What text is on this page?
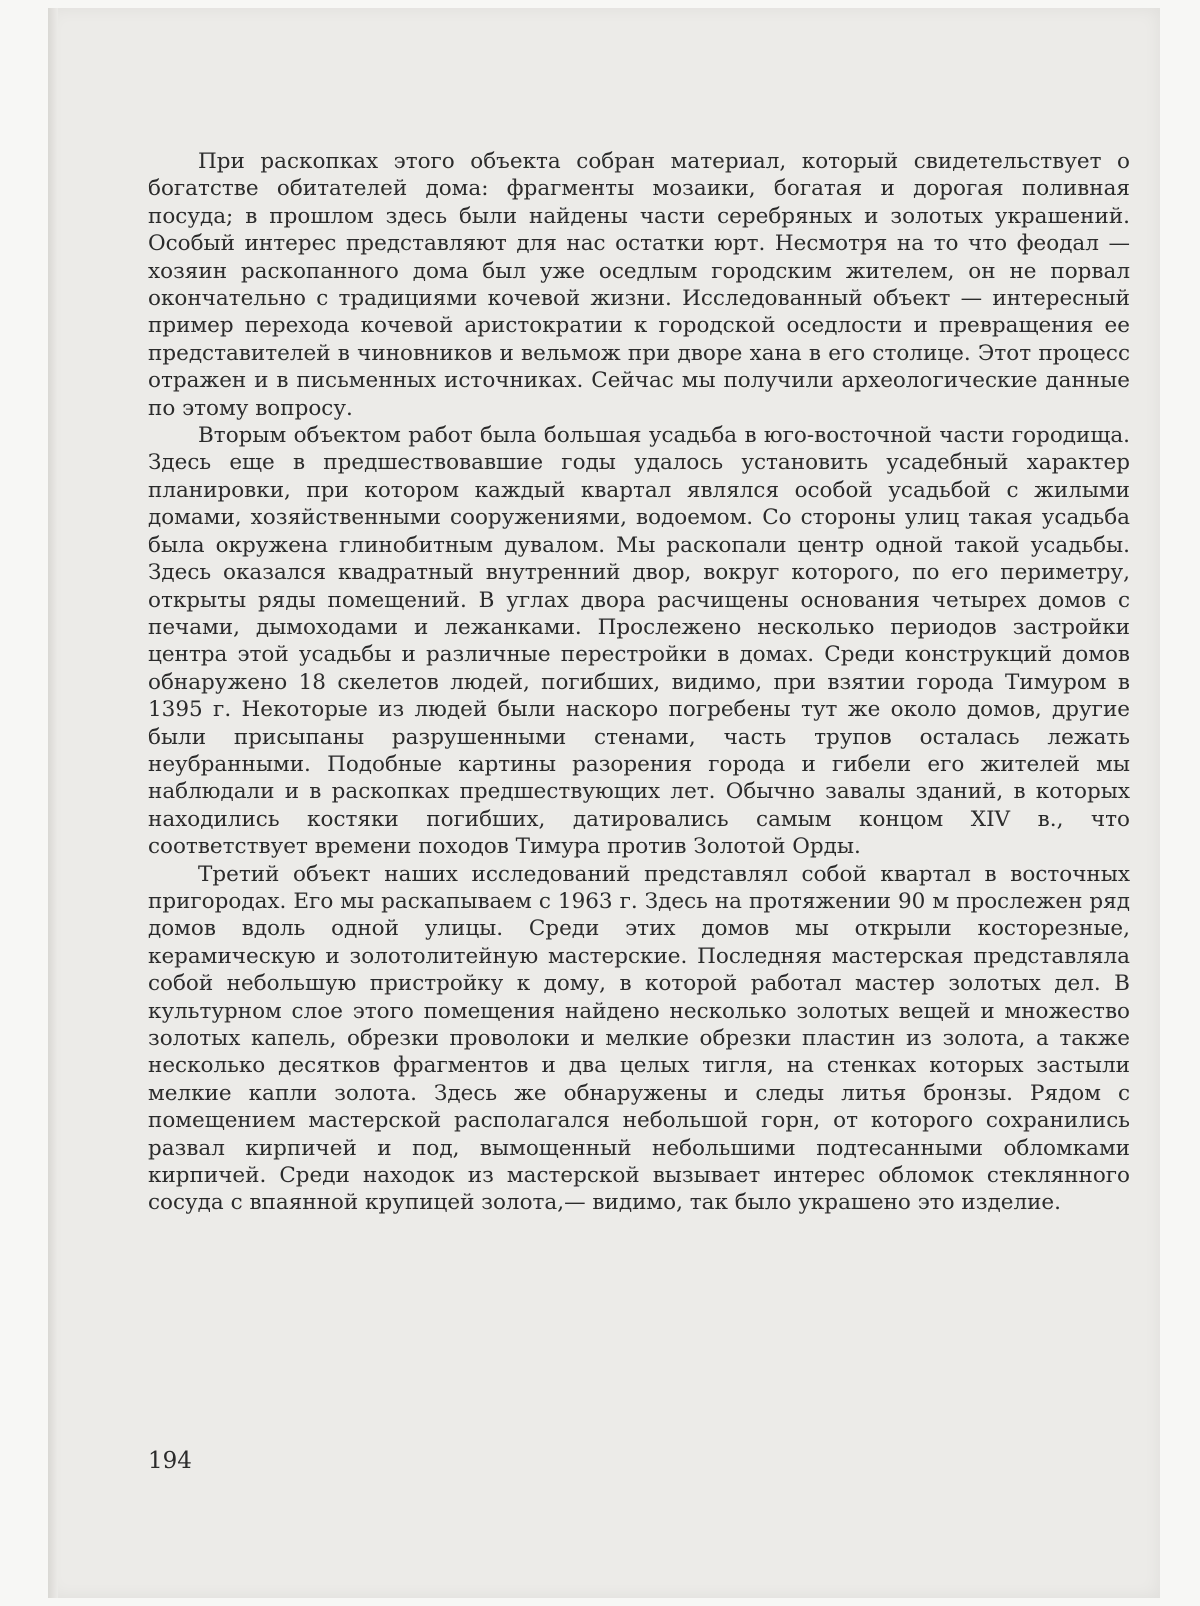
При раскопках этого объекта собран материал, который свидетельствует о богатстве обитателей дома: фрагменты мозаики, богатая и дорогая поливная посуда; в прошлом здесь были найдены части серебряных и золотых украшений. Особый интерес представляют для нас остатки юрт. Несмотря на то что феодал — хозяин раскопанного дома был уже оседлым городским жителем, он не порвал окончательно с традициями кочевой жизни. Исследованный объект — интересный пример перехода кочевой аристократии к городской оседлости и превращения ее представителей в чиновников и вельмож при дворе хана в его столице. Этот процесс отражен и в письменных источниках. Сейчас мы получили археологические данные по этому вопросу.

Вторым объектом работ была большая усадьба в юго-восточной части городища. Здесь еще в предшествовавшие годы удалось установить усадебный характер планировки, при котором каждый квартал являлся особой усадьбой с жилыми домами, хозяйственными сооружениями, водоемом. Со стороны улиц такая усадьба была окружена глинобитным дувалом. Мы раскопали центр одной такой усадьбы. Здесь оказался квадратный внутренний двор, вокруг которого, по его периметру, открыты ряды помещений. В углах двора расчищены основания четырех домов с печами, дымоходами и лежанками. Прослежено несколько периодов застройки центра этой усадьбы и различные перестройки в домах. Среди конструкций домов обнаружено 18 скелетов людей, погибших, видимо, при взятии города Тимуром в 1395 г. Некоторые из людей были наскоро погребены тут же около домов, другие были присыпаны разрушенными стенами, часть трупов осталась лежать неубранными. Подобные картины разорения города и гибели его жителей мы наблюдали и в раскопках предшествующих лет. Обычно завалы зданий, в которых находились костяки погибших, датировались самым концом XIV в., что соответствует времени походов Тимура против Золотой Орды.

Третий объект наших исследований представлял собой квартал в восточных пригородах. Его мы раскапываем с 1963 г. Здесь на протяжении 90 м прослежен ряд домов вдоль одной улицы. Среди этих домов мы открыли косторезные, керамическую и золотолитейную мастерские. Последняя мастерская представляла собой небольшую пристройку к дому, в которой работал мастер золотых дел. В культурном слое этого помещения найдено несколько золотых вещей и множество золотых капель, обрезки проволоки и мелкие обрезки пластин из золота, а также несколько десятков фрагментов и два целых тигля, на стенках которых застыли мелкие капли золота. Здесь же обнаружены и следы литья бронзы. Рядом с помещением мастерской располагался небольшой горн, от которого сохранились развал кирпичей и под, вымощенный небольшими подтесанными обломками кирпичей. Среди находок из мастерской вызывает интерес обломок стеклянного сосуда с впаянной крупицей золота,— видимо, так было украшено это изделие.

194
